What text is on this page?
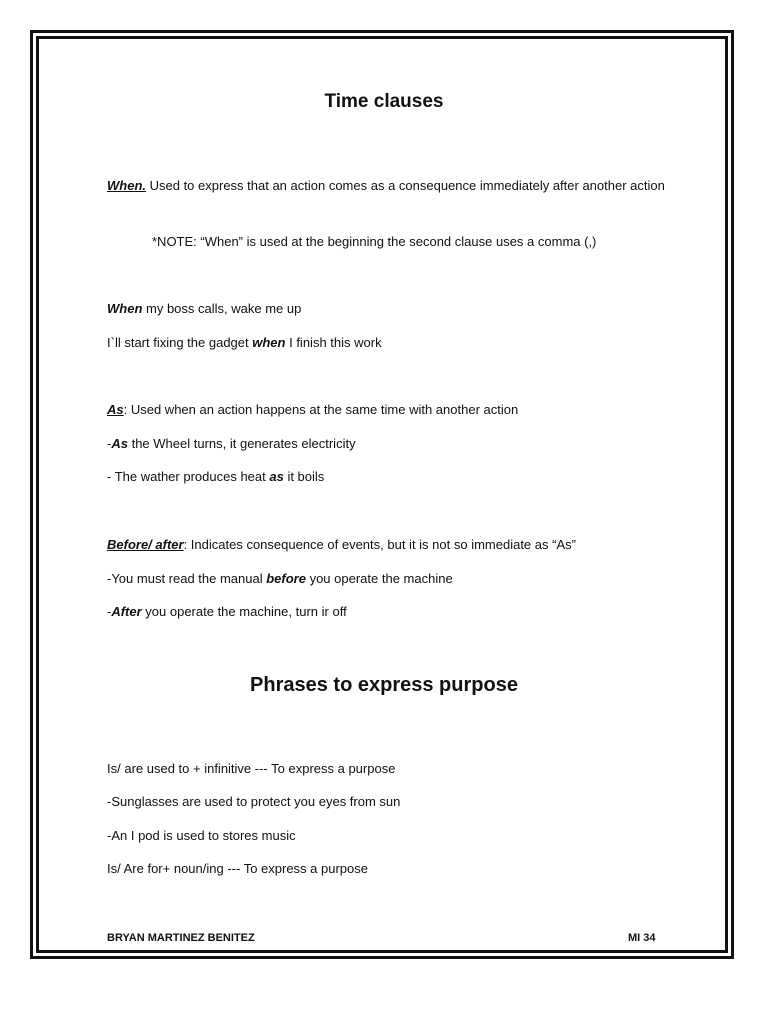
Time clauses

When. Used to express that an action comes as a consequence immediately after another action

*NOTE: “When” is used at the beginning the second clause uses a comma (,)

When my boss calls, wake me up

I`ll start fixing the gadget when I finish this work

As: Used when an action happens at the same time with another action

-As the Wheel turns, it generates electricity

- The wather produces heat as it boils

Before/ after: Indicates consequence of events, but it is not so immediate as “As”

-You must read the manual before you operate the machine

-After you operate the machine, turn ir off

Phrases to express purpose

Is/ are used to + infinitive --- To express a purpose

-Sunglasses are used to protect you eyes from sun

-An I pod is used to stores music

Is/ Are for+ noun/ing --- To express a purpose

BRYAN MARTINEZ BENITEZ	MI 34
